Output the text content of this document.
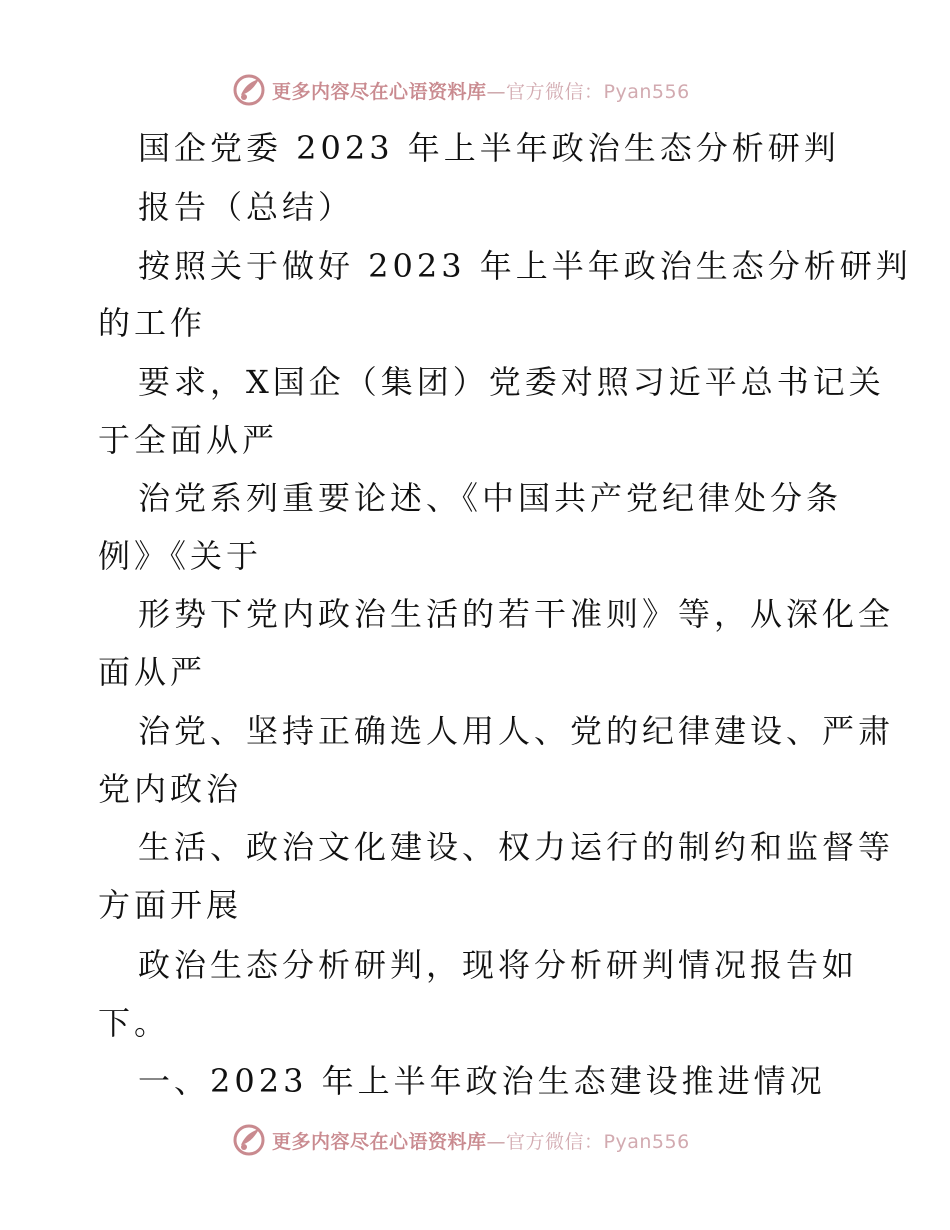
更多内容尽在心语资料库—官方微信：Pyan556
国企党委 2023 年上半年政治生态分析研判
报告（总结）
按照关于做好 2023 年上半年政治生态分析研判
的工作
要求，X国企（集团）党委对照习近平总书记关
于全面从严
治党系列重要论述、《中国共产党纪律处分条
例》《关于
形势下党内政治生活的若干准则》等，从深化全
面从严
治党、坚持正确选人用人、党的纪律建设、严肃
党内政治
生活、政治文化建设、权力运行的制约和监督等
方面开展
政治生态分析研判，现将分析研判情况报告如
下。
一、2023 年上半年政治生态建设推进情况
更多内容尽在心语资料库—官方微信：Pyan556
